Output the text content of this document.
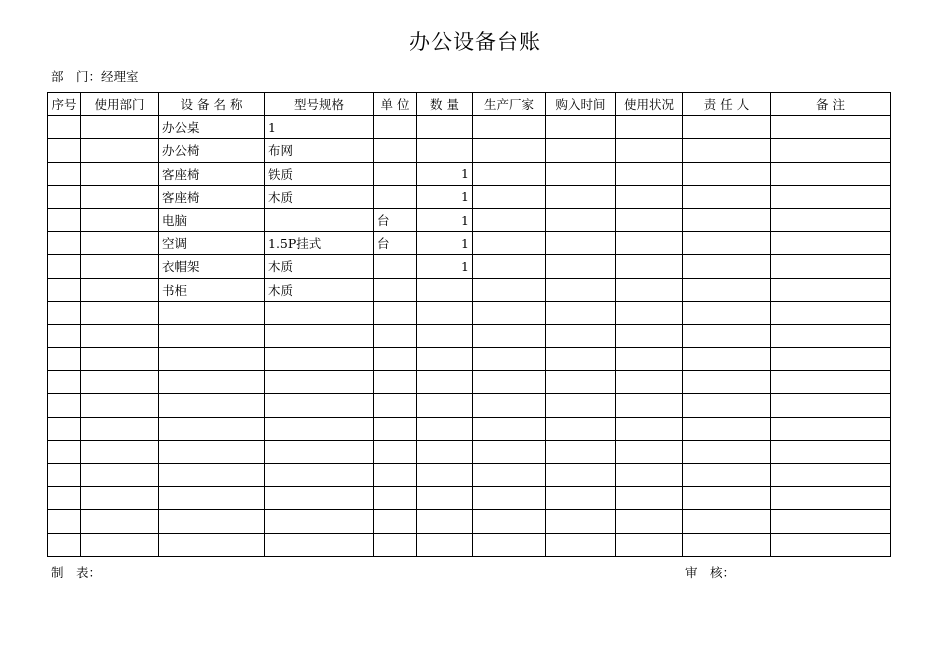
办公设备台账
部　门：经理室
序号	使用部门	设 备 名 称	型号规格	单 位	数 量	生产厂家	购入时间	使用状况	责 任 人	备 注
		办公桌	1							
		办公椅	布网							
		客座椅	铁质		1					
		客座椅	木质		1					
		电脑		台	1					
		空调	1.5P挂式	台	1					
		衣帽架	木质		1					
		书柜	木质							

制　表：	审　核：
